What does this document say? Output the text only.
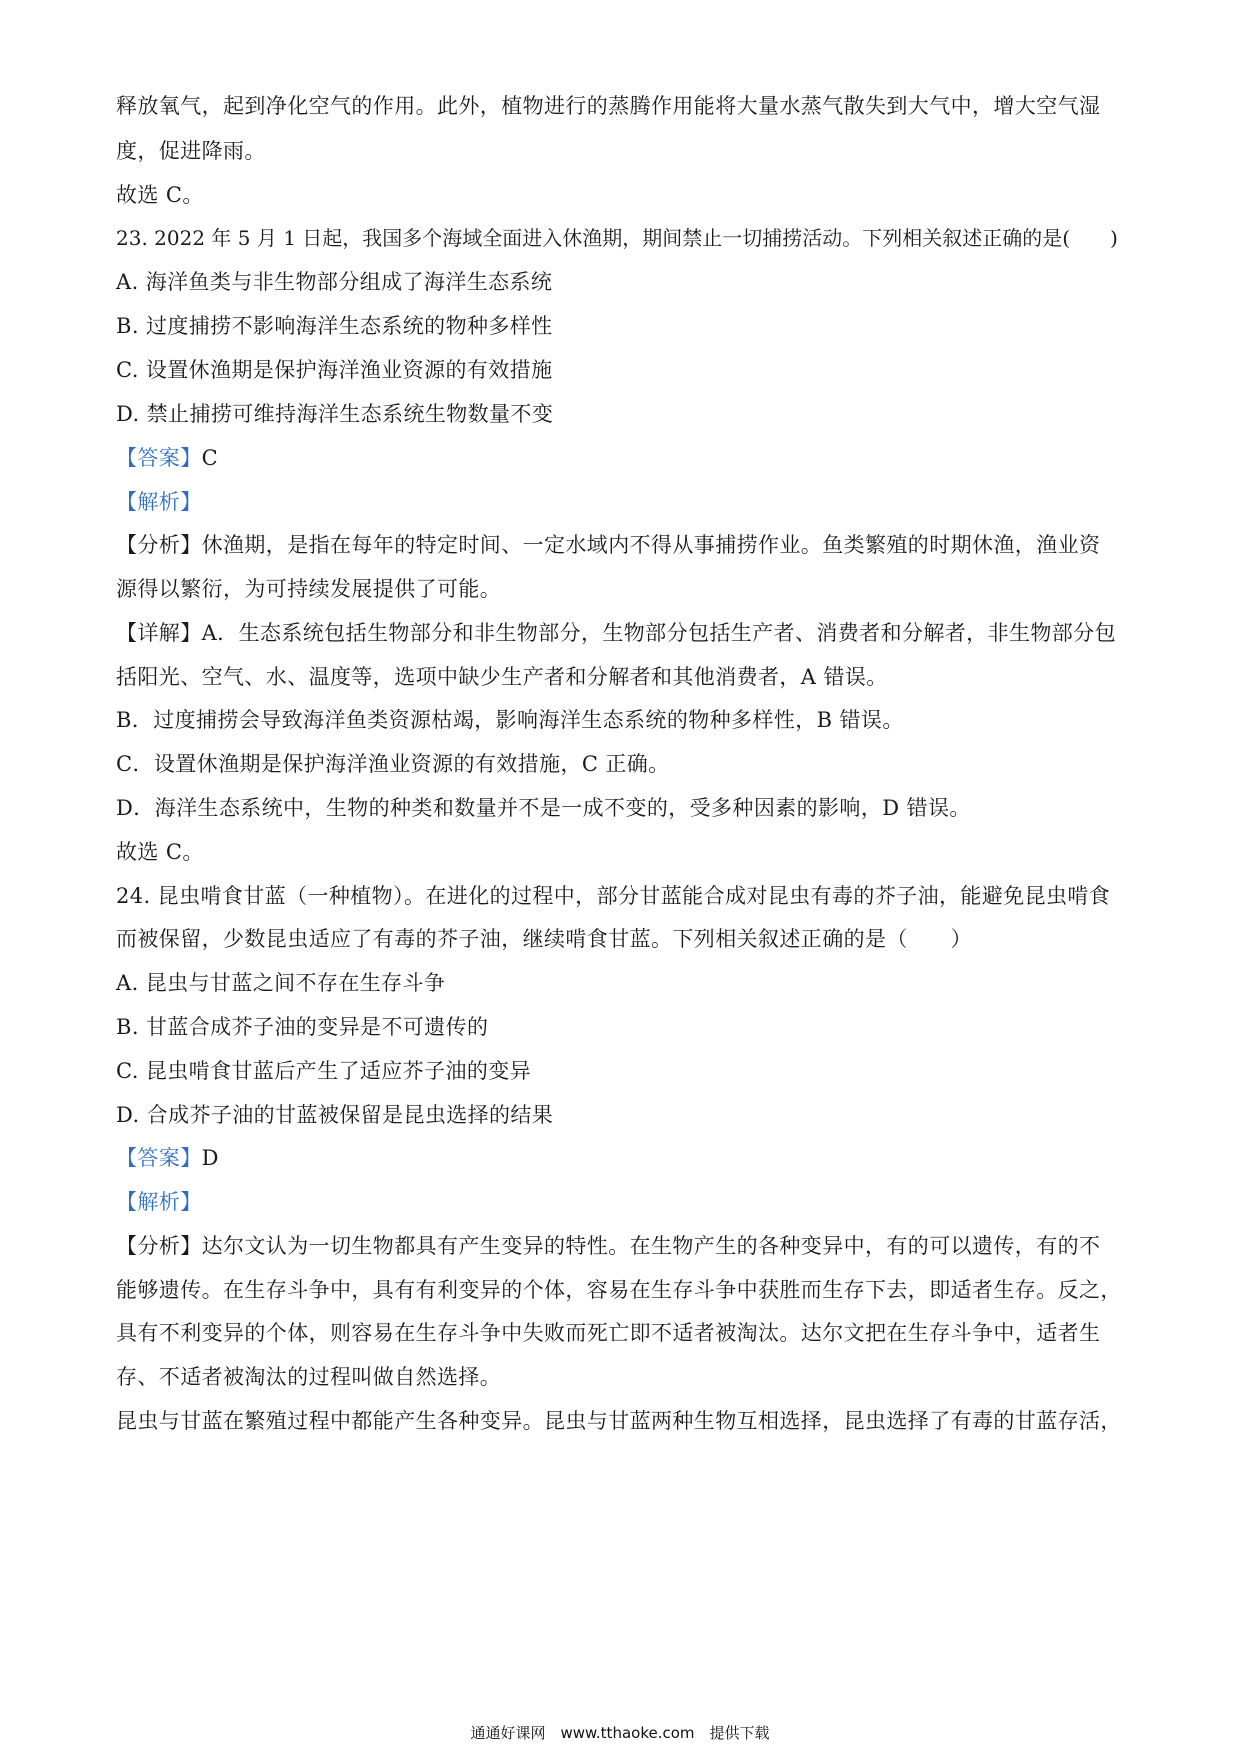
释放氧气，起到净化空气的作用。此外，植物进行的蒸腾作用能将大量水蒸气散失到大气中，增大空气湿
度，促进降雨。
故选 C。
23. 2022 年 5 月 1 日起，我国多个海域全面进入休渔期，期间禁止一切捕捞活动。下列相关叙述正确的是(　　)
A. 海洋鱼类与非生物部分组成了海洋生态系统
B. 过度捕捞不影响海洋生态系统的物种多样性
C. 设置休渔期是保护海洋渔业资源的有效措施
D. 禁止捕捞可维持海洋生态系统生物数量不变
【答案】C
【解析】
【分析】休渔期，是指在每年的特定时间、一定水域内不得从事捕捞作业。鱼类繁殖的时期休渔，渔业资
源得以繁衍，为可持续发展提供了可能。
【详解】A．生态系统包括生物部分和非生物部分，生物部分包括生产者、消费者和分解者，非生物部分包
括阳光、空气、水、温度等，选项中缺少生产者和分解者和其他消费者，A 错误。
B．过度捕捞会导致海洋鱼类资源枯竭，影响海洋生态系统的物种多样性，B 错误。
C．设置休渔期是保护海洋渔业资源的有效措施，C 正确。
D．海洋生态系统中，生物的种类和数量并不是一成不变的，受多种因素的影响，D 错误。
故选 C。
24. 昆虫啃食甘蓝（一种植物）。在进化的过程中，部分甘蓝能合成对昆虫有毒的芥子油，能避免昆虫啃食
而被保留，少数昆虫适应了有毒的芥子油，继续啃食甘蓝。下列相关叙述正确的是（　　）
A. 昆虫与甘蓝之间不存在生存斗争
B. 甘蓝合成芥子油的变异是不可遗传的
C. 昆虫啃食甘蓝后产生了适应芥子油的变异
D. 合成芥子油的甘蓝被保留是昆虫选择的结果
【答案】D
【解析】
【分析】达尔文认为一切生物都具有产生变异的特性。在生物产生的各种变异中，有的可以遗传，有的不
能够遗传。在生存斗争中，具有有利变异的个体，容易在生存斗争中获胜而生存下去，即适者生存。反之，
具有不利变异的个体，则容易在生存斗争中失败而死亡即不适者被淘汰。达尔文把在生存斗争中，适者生
存、不适者被淘汰的过程叫做自然选择。
昆虫与甘蓝在繁殖过程中都能产生各种变异。昆虫与甘蓝两种生物互相选择，昆虫选择了有毒的甘蓝存活，
通通好课网　www.tthaoke.com　提供下载
